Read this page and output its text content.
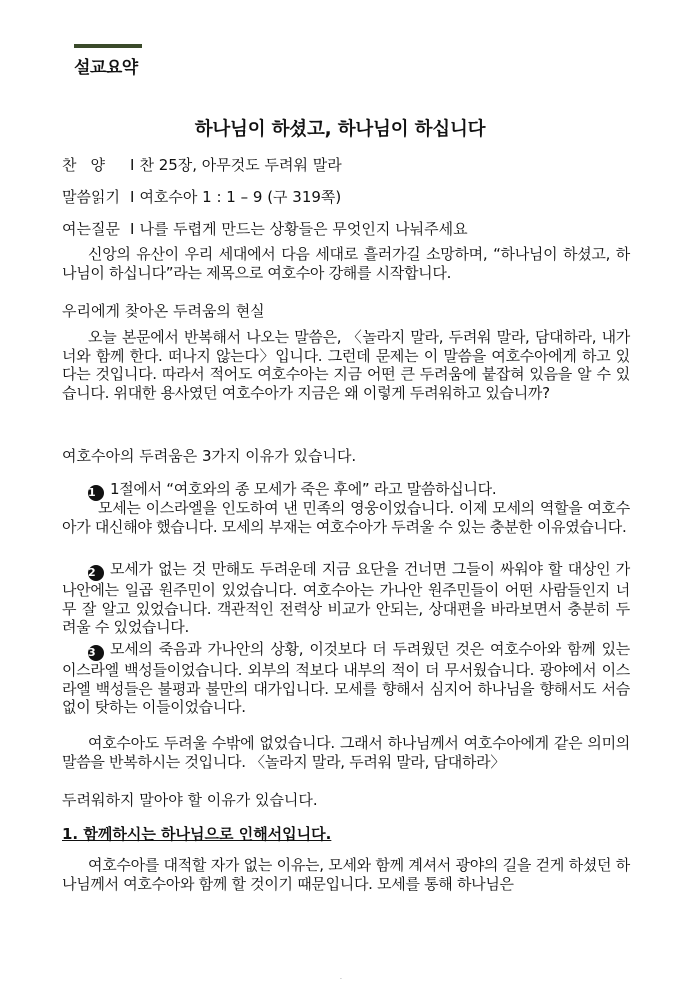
설교요약
하나님이 하셨고, 하나님이 하십니다
찬양 I 찬 25장, 아무것도 두려워 말라
말씀읽기 I 여호수아 1 : 1 – 9 (구 319쪽)
여는질문 I 나를 두렵게 만드는 상황들은 무엇인지 나눠주세요
신앙의 유산이 우리 세대에서 다음 세대로 흘러가길 소망하며, “하나님이 하셨고, 하나님이 하십니다”라는 제목으로 여호수아 강해를 시작합니다.
우리에게 찾아온 두려움의 현실
오늘 본문에서 반복해서 나오는 말씀은, 〈놀라지 말라, 두려워 말라, 담대하라, 내가 너와 함께 한다. 떠나지 않는다〉입니다. 그런데 문제는 이 말씀을 여호수아에게 하고 있다는 것입니다. 따라서 적어도 여호수아는 지금 어떤 큰 두려움에 붙잡혀 있음을 알 수 있습니다. 위대한 용사였던 여호수아가 지금은 왜 이렇게 두려워하고 있습니까?
여호수아의 두려움은 3가지 이유가 있습니다.
1 1절에서 “여호와의 종 모세가 죽은 후에” 라고 말씀하십니다.
모세는 이스라엘을 인도하여 낸 민족의 영웅이었습니다. 이제 모세의 역할을 여호수아가 대신해야 했습니다. 모세의 부재는 여호수아가 두려울 수 있는 충분한 이유였습니다.
2 모세가 없는 것 만해도 두려운데 지금 요단을 건너면 그들이 싸워야 할 대상인 가나안에는 일곱 원주민이 있었습니다. 여호수아는 가나안 원주민들이 어떤 사람들인지 너무 잘 알고 있었습니다. 객관적인 전력상 비교가 안되는, 상대편을 바라보면서 충분히 두려울 수 있었습니다.
3 모세의 죽음과 가나안의 상황, 이것보다 더 두려웠던 것은 여호수아와 함께 있는 이스라엘 백성들이었습니다. 외부의 적보다 내부의 적이 더 무서웠습니다. 광야에서 이스라엘 백성들은 불평과 불만의 대가입니다. 모세를 향해서 심지어 하나님을 향해서도 서슴없이 탓하는 이들이었습니다.
여호수아도 두려울 수밖에 없었습니다. 그래서 하나님께서 여호수아에게 같은 의미의 말씀을 반복하시는 것입니다. 〈놀라지 말라, 두려워 말라, 담대하라〉
두려워하지 말아야 할 이유가 있습니다.
1. 함께하시는 하나님으로 인해서입니다.
여호수아를 대적할 자가 없는 이유는, 모세와 함께 계셔서 광야의 길을 걷게 하셨던 하나님께서 여호수아와 함께 할 것이기 때문입니다. 모세를 통해 하나님은
.
